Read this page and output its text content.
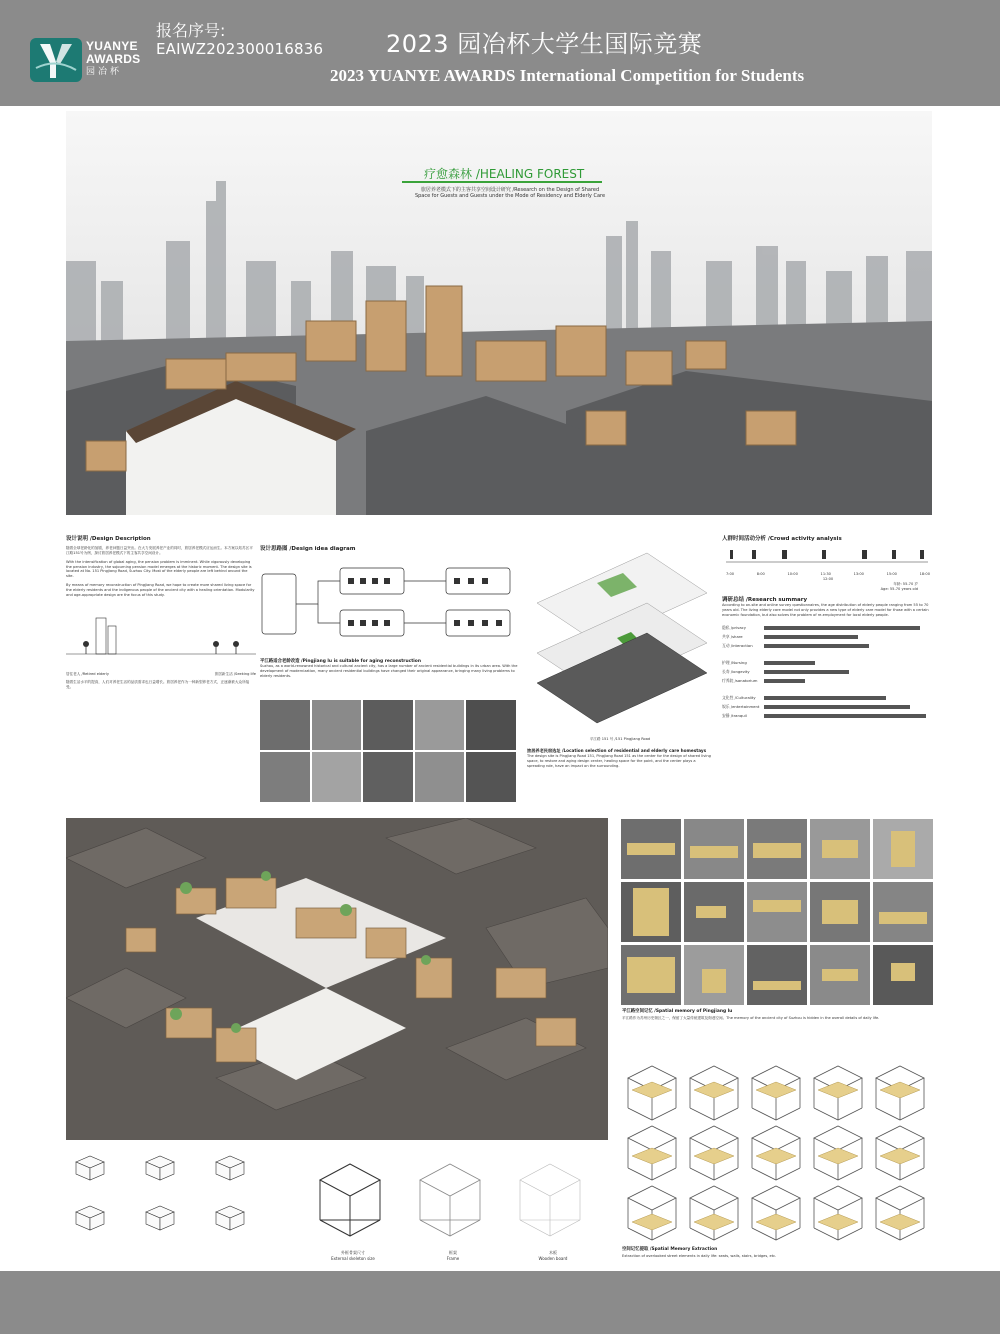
YUANYE
AWARDS
园冶杯
报名序号:
EAIWZ202300016836	2023 园冶杯大学生国际竞赛
2023 YUANYE AWARDS International Competition for Students
疗愈森林 /HEALING FOREST
旅居养老模式下的主客共享空间设计研究 /Research on the Design of Shared
Space for Guests and Guests under the Mode of Residency and Elderly Care
设计说明 /Design Description
随着全球老龄化的加剧，养老问题日益突出。在大力发展养老产业的同时，旅居养老模式应运而生。本方案以姑苏区平江路151号为例，探讨旅居养老模式下的主客共享空间设计。
With the intensification of global aging, the pension problem is imminent. While vigorously developing the pension industry, the sojourning pension model emerges at the historic moment. The design site is located at No. 151 Pingjiang Road, Suzhou City. Most of the elderly people are left behind around the site.
By means of memory reconstruction of Pingjiang Road, we hope to create more shared living space for the elderly residents and the indigenous people of the ancient city with a healing orientation. Modularity and age-appropriate design are the focus of this study.
居住老人 /Retired elderly	旅居新生活 /Seeking life
随着生活水平的提高，人们对养老生活的品质需求也日益增长。旅居养老作为一种新型养老方式，正逐渐被大众所接受。
设计思路图 /Design idea diagram
平江路适合老龄改造 /Pingjiang lu is suitable for aging reconstruction
Suzhou, as a world-renowned historical and cultural ancient city, has a large number of ancient residential buildings in its urban area. With the development of modernization, many ancient residential buildings have changed their original appearance, bringing many living problems to elderly residents.
平江路 151 号 /151 Pingjiang Road
旅居养老民宿选址 /Location selection of residential and elderly care homestays
The design site is Pingjiang Road 151, Pingjiang Road 151 as the center for the design of shared living space, to restore and aging design center, healing space for the point, and the center plays a spreading role, have an impact on the surrounding.
人群时间活动分析 /Crowd activity analysis
7:00	8:00	10:00	11:30	13:00	15:00	18:00
12:00
年龄: 55-70 岁
Age: 55-70 years old
调研总结 /Research summary
According to on-site and online survey questionnaires, the age distribution of elderly people ranging from 55 to 70 years old. The living elderly care model not only provides a new type of elderly care model for those with a certain economic foundation, but also solves the problem of re-employment for local elderly people.
隐私 /privacy
共享 /share
互动 /interaction
护理 /Nursing
长寿 /longevity
疗养院 /sanatorium
文化性 /Culturality
娱乐 /entertainment
安静 /tranquil
外框骨架尺寸
External skeleton size
框架
Frame
木板
Wooden board
平江路空间记忆 /Spatial memory of Pingjiang lu
平江路作为苏州历史街区之一，保留了大量传统建筑及街巷空间。The memory of the ancient city of Suzhou is hidden in the overall details of daily life.
空间记忆提取 /Spatial Memory Extraction
Extraction of overlooked street elements in daily life: seats, walls, stairs, bridges, etc.
